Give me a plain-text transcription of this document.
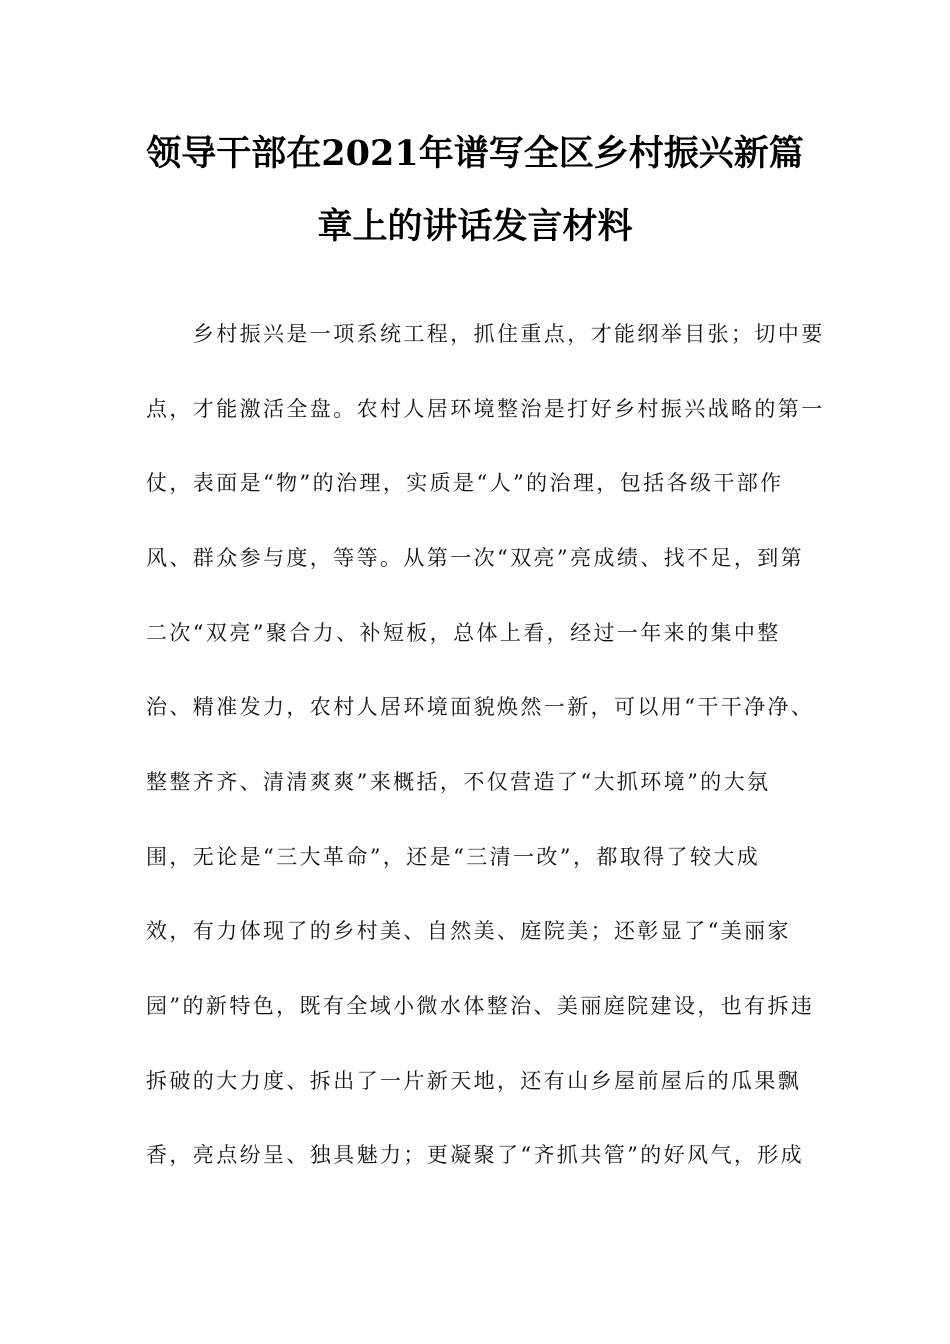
领导干部在2021年谱写全区乡村振兴新篇
章上的讲话发言材料
　　乡村振兴是一项系统工程，抓住重点，才能纲举目张；切中要
点，才能激活全盘。农村人居环境整治是打好乡村振兴战略的第一
仗，表面是“物”的治理，实质是“人”的治理，包括各级干部作
风、群众参与度，等等。从第一次“双亮”亮成绩、找不足，到第
二次“双亮”聚合力、补短板，总体上看，经过一年来的集中整
治、精准发力，农村人居环境面貌焕然一新，可以用“干干净净、
整整齐齐、清清爽爽”来概括，不仅营造了“大抓环境”的大氛
围，无论是“三大革命”，还是“三清一改”，都取得了较大成
效，有力体现了的乡村美、自然美、庭院美；还彰显了“美丽家
园”的新特色，既有全域小微水体整治、美丽庭院建设，也有拆违
拆破的大力度、拆出了一片新天地，还有山乡屋前屋后的瓜果飘
香，亮点纷呈、独具魅力；更凝聚了“齐抓共管”的好风气，形成
